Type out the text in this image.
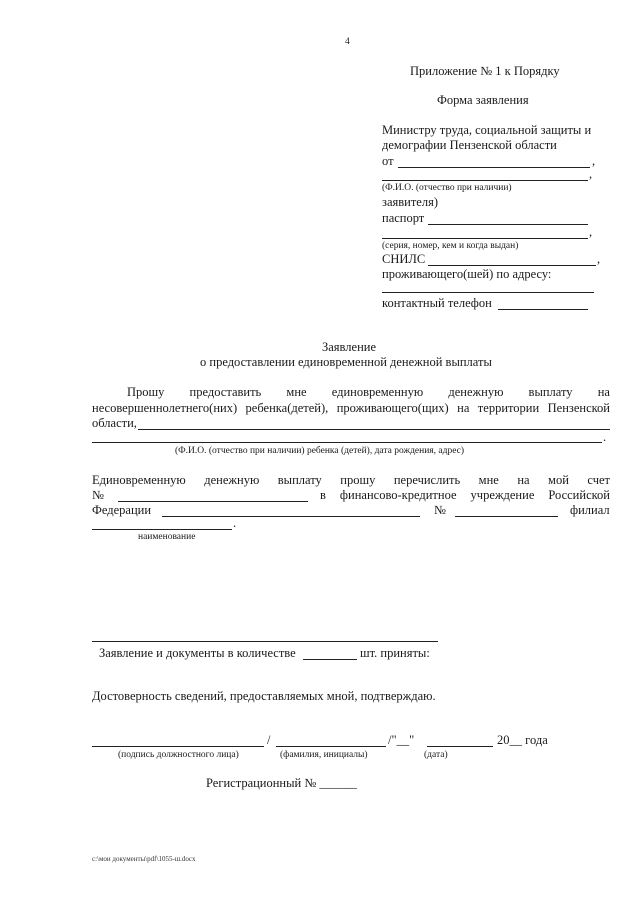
4
Приложение № 1 к Порядку
Форма заявления
Министру труда, социальной защиты и
демографии Пензенской области
от	,
,
(Ф.И.О. (отчество при наличии)
заявителя)
паспорт
,
(серия, номер, кем и когда выдан)
СНИЛС	,
проживающего(шей) по адресу:
контактный телефон
Заявление
о предоставлении единовременной денежной выплаты
Прошу предоставить мне единовременную денежную выплату на
несовершеннолетнего(них) ребенка(детей), проживающего(щих) на территории Пензенской
области,
.
(Ф.И.О. (отчество при наличии) ребенка (детей), дата рождения, адрес)
Единовременную денежную выплату прошу перечислить мне на мой счет
№	в финансово-кредитное учреждение Российской
Федерации	№	филиал
.
наименование
Заявление и документы в количестве	шт. приняты:
Достоверность сведений, предоставляемых мной, подтверждаю.
/	/"__"	20__ года
(подпись должностного лица)	(фамилия, инициалы)	(дата)
Регистрационный № ______
c:\мои документы\pdf\1055-ш.docx
